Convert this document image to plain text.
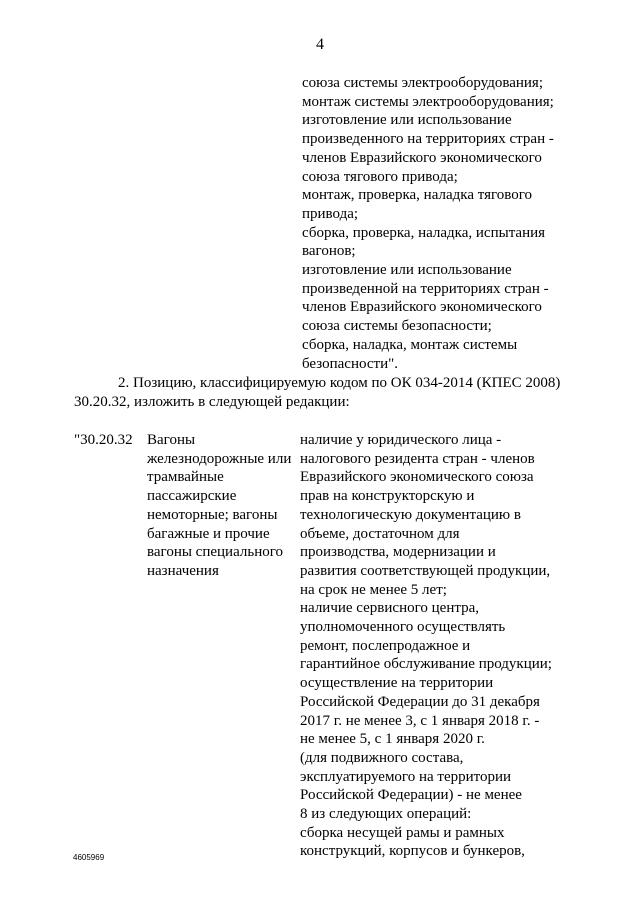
4
союза системы электрооборудования;
монтаж системы электрооборудования;
изготовление или использование
произведенного на территориях стран -
членов Евразийского экономического
союза тягового привода;
монтаж, проверка, наладка тягового
привода;
сборка, проверка, наладка, испытания
вагонов;
изготовление или использование
произведенной на территориях стран -
членов Евразийского экономического
союза системы безопасности;
сборка, наладка, монтаж системы
безопасности".
2. Позицию, классифицируемую кодом по ОК 034-2014 (КПЕС 2008)
30.20.32, изложить в следующей редакции:
"30.20.32 Вагоны
железнодорожные или
трамвайные
пассажирские
немоторные; вагоны
багажные и прочие
вагоны специального
назначения
наличие у юридического лица -
налогового резидента стран - членов
Евразийского экономического союза
прав на конструкторскую и
технологическую документацию в
объеме, достаточном для
производства, модернизации и
развития соответствующей продукции,
на срок не менее 5 лет;
наличие сервисного центра,
уполномоченного осуществлять
ремонт, послепродажное и
гарантийное обслуживание продукции;
осуществление на территории
Российской Федерации до 31 декабря
2017 г. не менее 3, с 1 января 2018 г. -
не менее 5, с 1 января 2020 г.
(для подвижного состава,
эксплуатируемого на территории
Российской Федерации) - не менее
8 из следующих операций:
сборка несущей рамы и рамных
конструкций, корпусов и бункеров,
4605969
